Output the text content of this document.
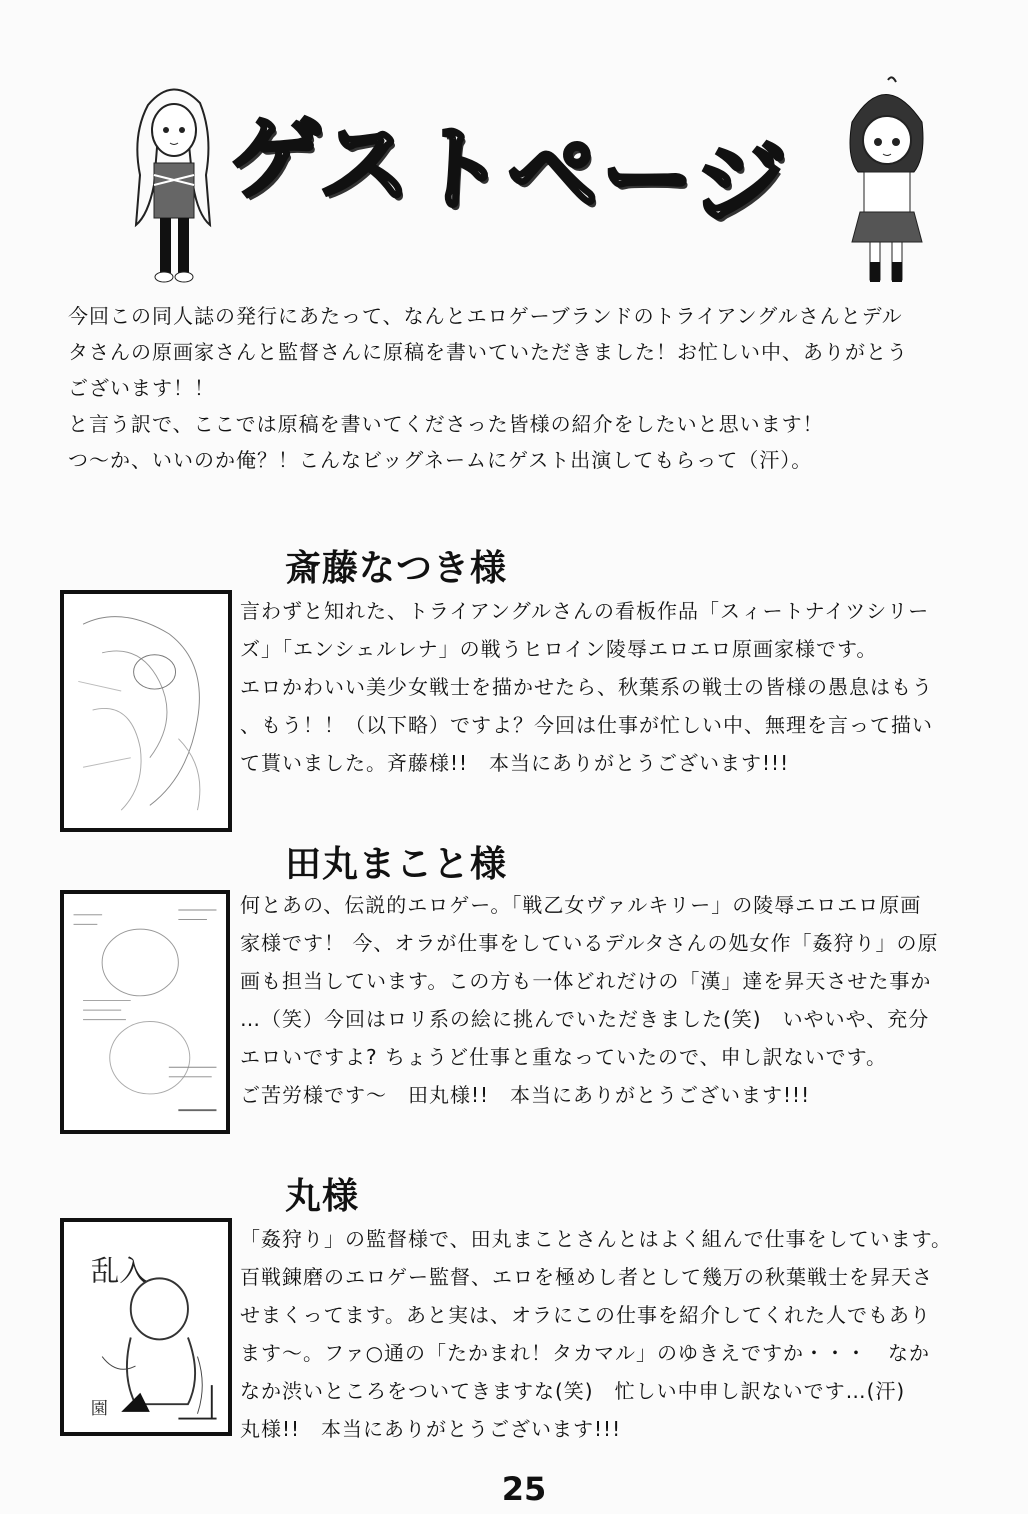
ゲストページ

今回この同人誌の発行にあたって、なんとエロゲーブランドのトライアングルさんとデル

タさんの原画家さんと監督さんに原稿を書いていただきました！お忙しい中、ありがとう

ございます！！

と言う訳で、ここでは原稿を書いてくださった皆様の紹介をしたいと思います！

つ～か、いいのか俺？！こんなビッグネームにゲスト出演してもらって（汗）。

斎藤なつき様

言わずと知れた、トライアングルさんの看板作品「スィートナイツシリー

ズ」「エンシェルレナ」の戦うヒロイン陵辱エロエロ原画家様です。

エロかわいい美少女戦士を描かせたら、秋葉系の戦士の皆様の愚息はもう

、もう！！（以下略）ですよ？今回は仕事が忙しい中、無理を言って描い

て貰いました。斉藤様!!　本当にありがとうございます!!!

田丸まこと様

何とあの、伝説的エロゲー。「戦乙女ヴァルキリー」の陵辱エロエロ原画

家様です！ 今、オラが仕事をしているデルタさんの処女作「姦狩り」の原

画も担当しています。この方も一体どれだけの「漢」達を昇天させた事か

…（笑）今回はロリ系の絵に挑んでいただきました(笑)　いやいや、充分

エロいですよ? ちょうど仕事と重なっていたので、申し訳ないです。

ご苦労様です～　田丸様!!　本当にありがとうございます!!!

丸様
乱入
園

「姦狩り」の監督様で、田丸まことさんとはよく組んで仕事をしています。

百戦錬磨のエロゲー監督、エロを極めし者として幾万の秋葉戦士を昇天さ

せまくってます。あと実は、オラにこの仕事を紹介してくれた人でもあり

ます～。ファ○通の「たかまれ！タカマル」のゆきえですか・・・　なか

なか渋いところをついてきますな(笑)　忙しい中申し訳ないです…(汗)

丸様!!　本当にありがとうございます!!!

25
